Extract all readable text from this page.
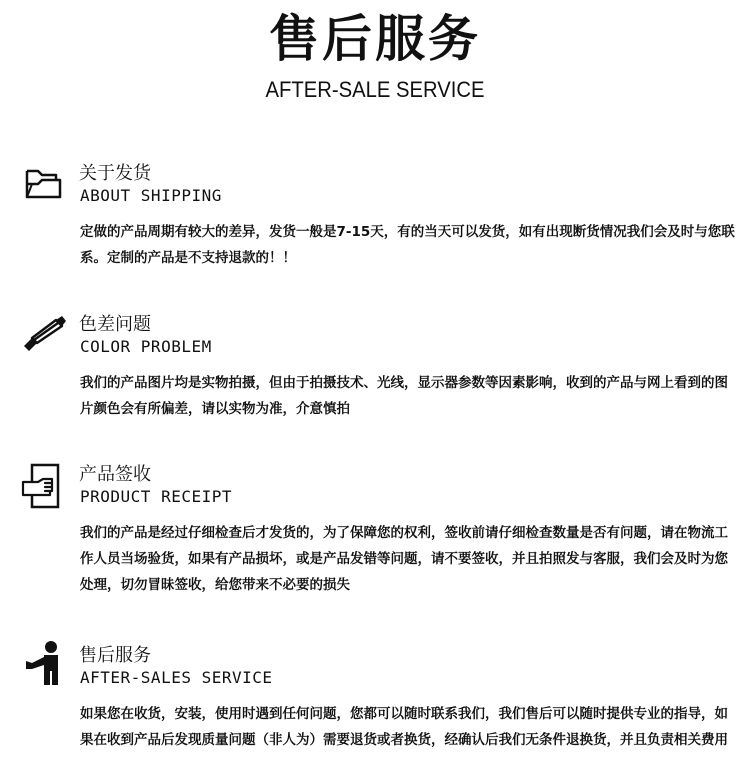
售后服务
AFTER-SALE SERVICE
关于发货
ABOUT SHIPPING
定做的产品周期有较大的差异，发货一般是7-15天，有的当天可以发货，如有出现断货情况我们会及时与您联系。定制的产品是不支持退款的！！
色差问题
COLOR PROBLEM
我们的产品图片均是实物拍摄，但由于拍摄技术、光线，显示器参数等因素影响，收到的产品与网上看到的图片颜色会有所偏差，请以实物为准，介意慎拍
产品签收
PRODUCT RECEIPT
我们的产品是经过仔细检查后才发货的，为了保障您的权利，签收前请仔细检查数量是否有问题，请在物流工作人员当场验货，如果有产品损坏，或是产品发错等问题，请不要签收，并且拍照发与客服，我们会及时为您处理，切勿冒昧签收，给您带来不必要的损失
售后服务
AFTER-SALES SERVICE
如果您在收货，安装，使用时遇到任何问题，您都可以随时联系我们，我们售后可以随时提供专业的指导，如果在收到产品后发现质量问题（非人为）需要退货或者换货，经确认后我们无条件退换货，并且负责相关费用
